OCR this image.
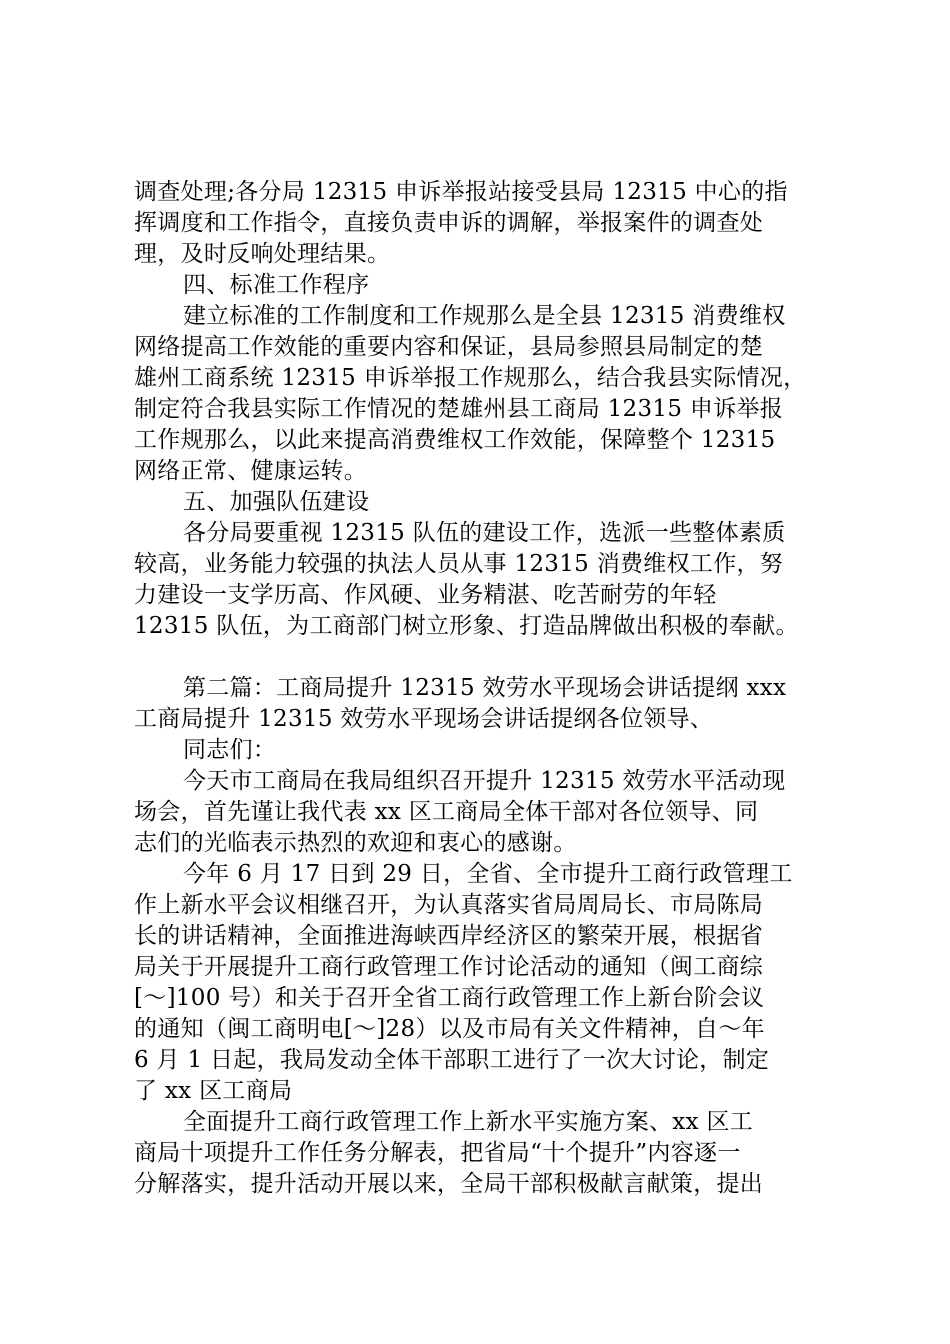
调查处理;各分局 12315 申诉举报站接受县局 12315 中心的指
挥调度和工作指令，直接负责申诉的调解，举报案件的调查处
理，及时反响处理结果。
四、标准工作程序
建立标准的工作制度和工作规那么是全县 12315 消费维权
网络提高工作效能的重要内容和保证，县局参照县局制定的楚
雄州工商系统 12315 申诉举报工作规那么，结合我县实际情况，
制定符合我县实际工作情况的楚雄州县工商局 12315 申诉举报
工作规那么，以此来提高消费维权工作效能，保障整个 12315
网络正常、健康运转。
五、加强队伍建设
各分局要重视 12315 队伍的建设工作，选派一些整体素质
较高，业务能力较强的执法人员从事 12315 消费维权工作，努
力建设一支学历高、作风硬、业务精湛、吃苦耐劳的年轻
12315 队伍，为工商部门树立形象、打造品牌做出积极的奉献。
第二篇：工商局提升 12315 效劳水平现场会讲话提纲 xxx
工商局提升 12315 效劳水平现场会讲话提纲各位领导、
同志们：
今天市工商局在我局组织召开提升 12315 效劳水平活动现
场会，首先谨让我代表 xx 区工商局全体干部对各位领导、同
志们的光临表示热烈的欢迎和衷心的感谢。
今年 6 月 17 日到 29 日，全省、全市提升工商行政管理工
作上新水平会议相继召开，为认真落实省局周局长、市局陈局
长的讲话精神，全面推进海峡西岸经济区的繁荣开展，根据省
局关于开展提升工商行政管理工作讨论活动的通知（闽工商综
[～]100 号）和关于召开全省工商行政管理工作上新台阶会议
的通知（闽工商明电[～]28）以及市局有关文件精神，自～年
6 月 1 日起，我局发动全体干部职工进行了一次大讨论，制定
了 xx 区工商局
全面提升工商行政管理工作上新水平实施方案、xx 区工
商局十项提升工作任务分解表，把省局“十个提升”内容逐一
分解落实，提升活动开展以来，全局干部积极献言献策，提出
